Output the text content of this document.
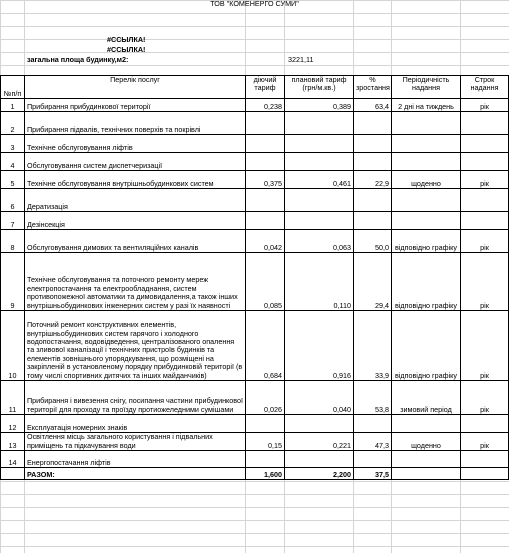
ТОВ "КОМЕНЕРГО СУМИ"
#ССЫЛКА!
#ССЫЛКА!
загальна площа будинку,м2:	3221,11
№п/п	Перелік послуг	діючий тариф	плановий тариф (грн/м.кв.)	% зростання	Періодичність надання	Строк надання
1	Прибирання прибудинкової території	0,238	0,389	63,4	2 дні на тиждень	рік
2	Прибирання підвалів, технічних поверхів та покрівлі					
3	Технічне обслуговування ліфтів					
4	Обслуговування систем диспетчеризації					
5	Технічне обслуговування внутрішньобудинкових систем	0,375	0,461	22,9	щоденно	рік
6	Дератизація					
7	Дезінсекція					
8	Обслуговування димових та вентиляційних каналів	0,042	0,063	50,0	відповідно графіку	рік
9	Технічне обслуговування та поточного ремонту мереж електропостачання та електрообладнання, систем противопожежної автоматики та димовидалення,а також інших внутрішньобудинкових інженерних систем у разі їх наявності	0,085	0,110	29,4	відповідно графіку	рік
10	Поточний ремонт конструктивних елементів, внутрішньобудинкових систем гарячого і холодного водопостачання, водовідведення, централізованого опалення та зливової каналізації і технічних пристроїв будинків та елементів зовнішнього упорядкування, що розміщені на закріпленій в установленому порядку прибудинковій території (в тому числі спортивних дитячих та інших майданчиків)	0,684	0,916	33,9	відповідно графіку	рік
11	Прибирання і вивезення снігу, посипання частини прибудинкової території для проходу та проїзду протиожеледними сумішами	0,026	0,040	53,8	зимовий період	рік
12	Експлуатація номерних знаків					
13	Освітлення місць загального користування і підвальних приміщень та підкачування води	0,15	0,221	47,3	щоденно	рік
14	Енергопостачання ліфтів					
	РАЗОМ:	1,600	2,200	37,5		
